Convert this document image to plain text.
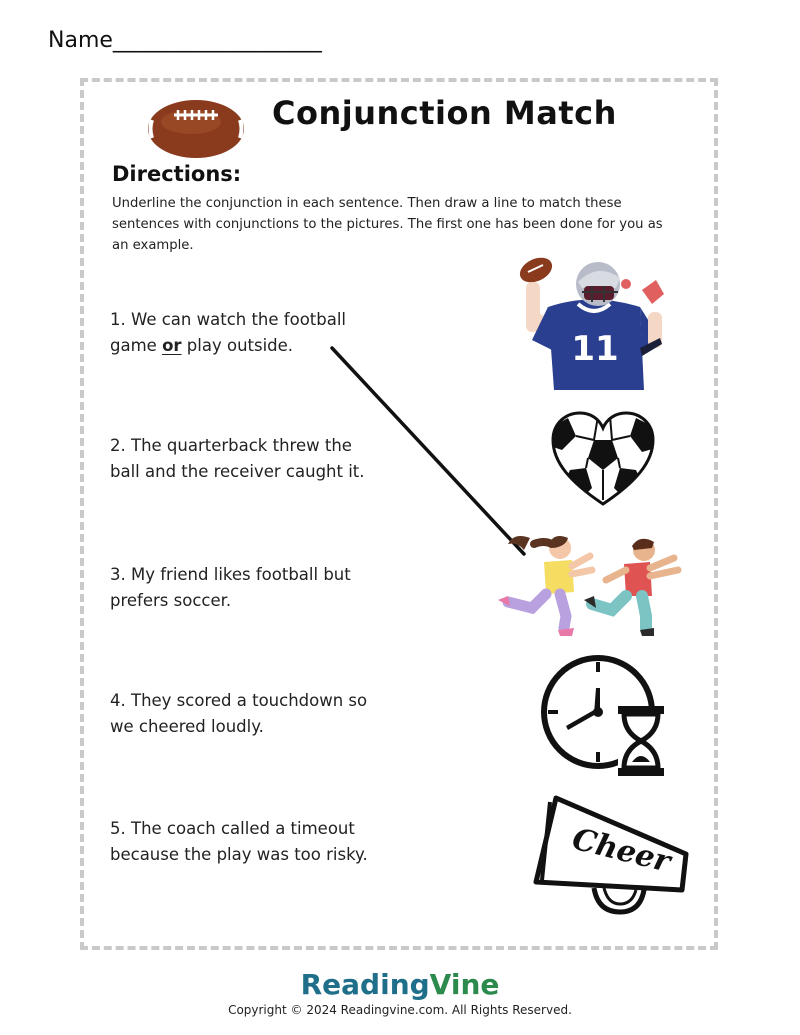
Name___________________
Conjunction Match
Directions:
Underline the conjunction in each sentence. Then draw a line to match these sentences with conjunctions to the pictures. The first one has been done for you as an example.
1. We can watch the football game or play outside.
2. The quarterback threw the ball and the receiver caught it.
3. My friend likes football but prefers soccer.
4. They scored a touchdown so we cheered loudly.
5. The coach called a timeout because the play was too risky.
11
Cheer
ReadingVine
Copyright © 2024 Readingvine.com. All Rights Reserved.
